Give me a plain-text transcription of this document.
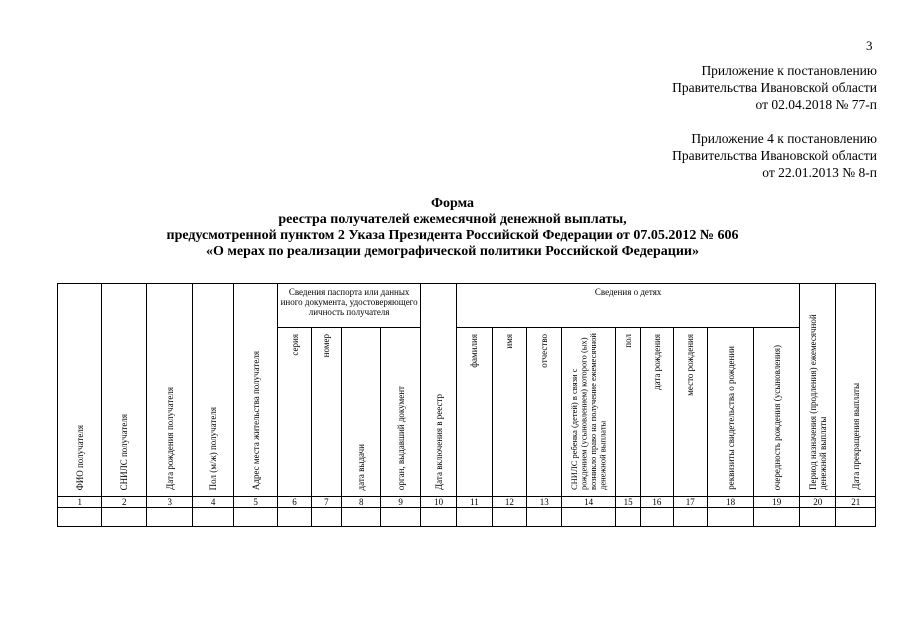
3
Приложение к постановлению
Правительства Ивановской области
от 02.04.2018 № 77-п
Приложение 4 к постановлению
Правительства Ивановской области
от 22.01.2013 № 8-п
Форма
реестра получателей ежемесячной денежной выплаты,
предусмотренной пунктом 2 Указа Президента Российской Федерации от 07.05.2012 № 606
«О мерах по реализации демографической политики Российской Федерации»
ФИО получателя	СНИЛС получателя	Дата рождения получателя	Пол (м/ж) получателя	Адрес места жительства получателя	Сведения паспорта или данных иного документа, удостоверяющего личность получателя				Дата включения в реестр	Сведения о детях									Период назначения (продления) ежемесячной денежной выплаты	Дата прекращения выплаты

					серия	номер	дата выдачи	орган, выдавший документ		фамилия	имя	отчество	СНИЛС ребенка (детей) в связи с рождением (усыновлением) которого (ых) возникло право на получение ежемесячной денежной выплаты	пол	дата рождения	место рождения	реквизиты свидетельства о рождении	очередность рождения (усыновления)		

1	2	3	4	5	6	7	8	9	10	11	12	13	14	15	16	17	18	19	20	21
